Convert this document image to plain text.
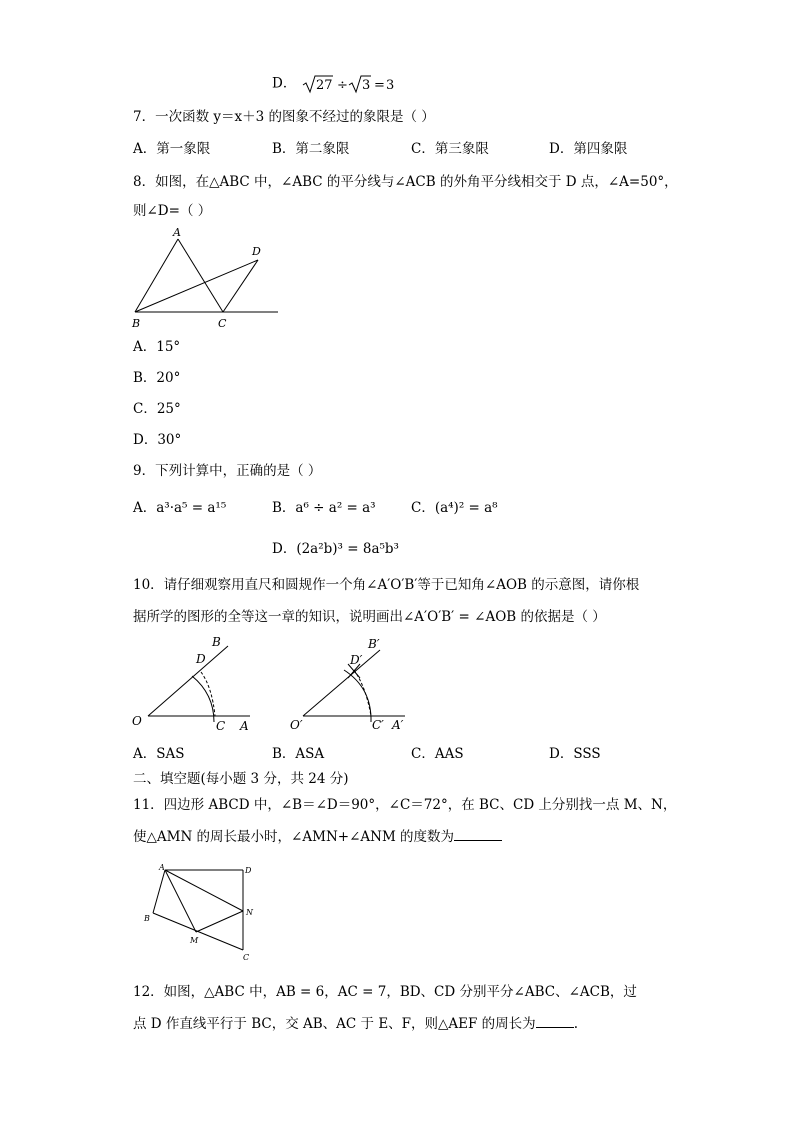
D． 27 ÷ 3 = 3
7．一次函数 y＝x＋3 的图象不经过的象限是（ ）
A．第一象限	B．第二象限	C．第三象限	D．第四象限
8．如图，在△ABC 中，∠ABC 的平分线与∠ACB 的外角平分线相交于 D 点，∠A=50°，
则∠D=（ ）
A
D
B	C
A．15°
B．20°
C．25°
D．30°
9．下列计算中，正确的是（ ）
A．a³·a⁵ = a¹⁵	B．a⁶ ÷ a² = a³	C．(a⁴)² = a⁸
D．(2a²b)³ = 8a⁵b³
10．请仔细观察用直尺和圆规作一个角∠A′O′B′等于已知角∠AOB 的示意图，请你根
据所学的图形的全等这一章的知识，说明画出∠A′O′B′ = ∠AOB 的依据是（ ）
O	C A
D
B
O′	C′ A′
D′
B′
A．SAS	B．ASA	C．AAS	D．SSS
二、填空题(每小题 3 分，共 24 分)
11．四边形 ABCD 中，∠B＝∠D＝90°，∠C＝72°，在 BC、CD 上分别找一点 M、N，
使△AMN 的周长最小时，∠AMN+∠ANM 的度数为
A	D
B
N
M
C
12．如图，△ABC 中，AB = 6，AC = 7，BD、CD 分别平分∠ABC、∠ACB，过
点 D 作直线平行于 BC，交 AB、AC 于 E、F，则△AEF 的周长为	.
